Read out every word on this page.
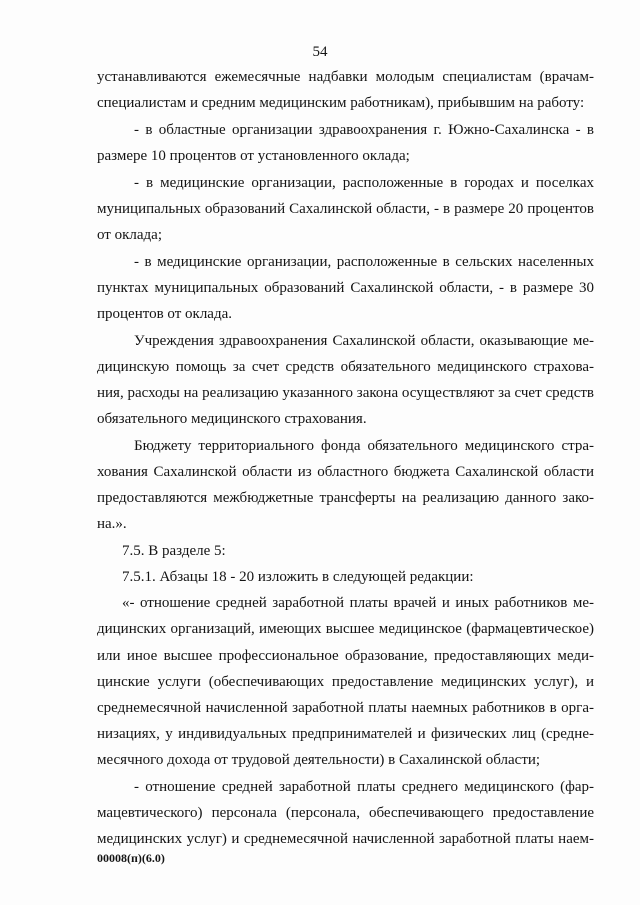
54
устанавливаются ежемесячные надбавки молодым специалистам (врачам-
специалистам и средним медицинским работникам), прибывшим на работу:
- в областные организации здравоохранения г. Южно-Сахалинска - в
размере 10 процентов от установленного оклада;
- в медицинские организации, расположенные в городах и поселках
муниципальных образований Сахалинской области, - в размере 20 процентов
от оклада;
- в медицинские организации, расположенные в сельских населенных
пунктах муниципальных образований Сахалинской области, - в размере 30
процентов от оклада.
Учреждения здравоохранения Сахалинской области, оказывающие ме-
дицинскую помощь за счет средств обязательного медицинского страхова-
ния, расходы на реализацию указанного закона осуществляют за счет средств
обязательного медицинского страхования.
Бюджету территориального фонда обязательного медицинского стра-
хования Сахалинской области из областного бюджета Сахалинской области
предоставляются межбюджетные трансферты на реализацию данного зако-
на.».
7.5. В разделе 5:
7.5.1. Абзацы 18 - 20 изложить в следующей редакции:
«- отношение средней заработной платы врачей и иных работников ме-
дицинских организаций, имеющих высшее медицинское (фармацевтическое)
или иное высшее профессиональное образование, предоставляющих меди-
цинские услуги (обеспечивающих предоставление медицинских услуг), и
среднемесячной начисленной заработной платы наемных работников в орга-
низациях, у индивидуальных предпринимателей и физических лиц (средне-
месячного дохода от трудовой деятельности) в Сахалинской области;
- отношение средней заработной платы среднего медицинского (фар-
мацевтического) персонала (персонала, обеспечивающего предоставление
медицинских услуг) и среднемесячной начисленной заработной платы наем-
00008(п)(6.0)
